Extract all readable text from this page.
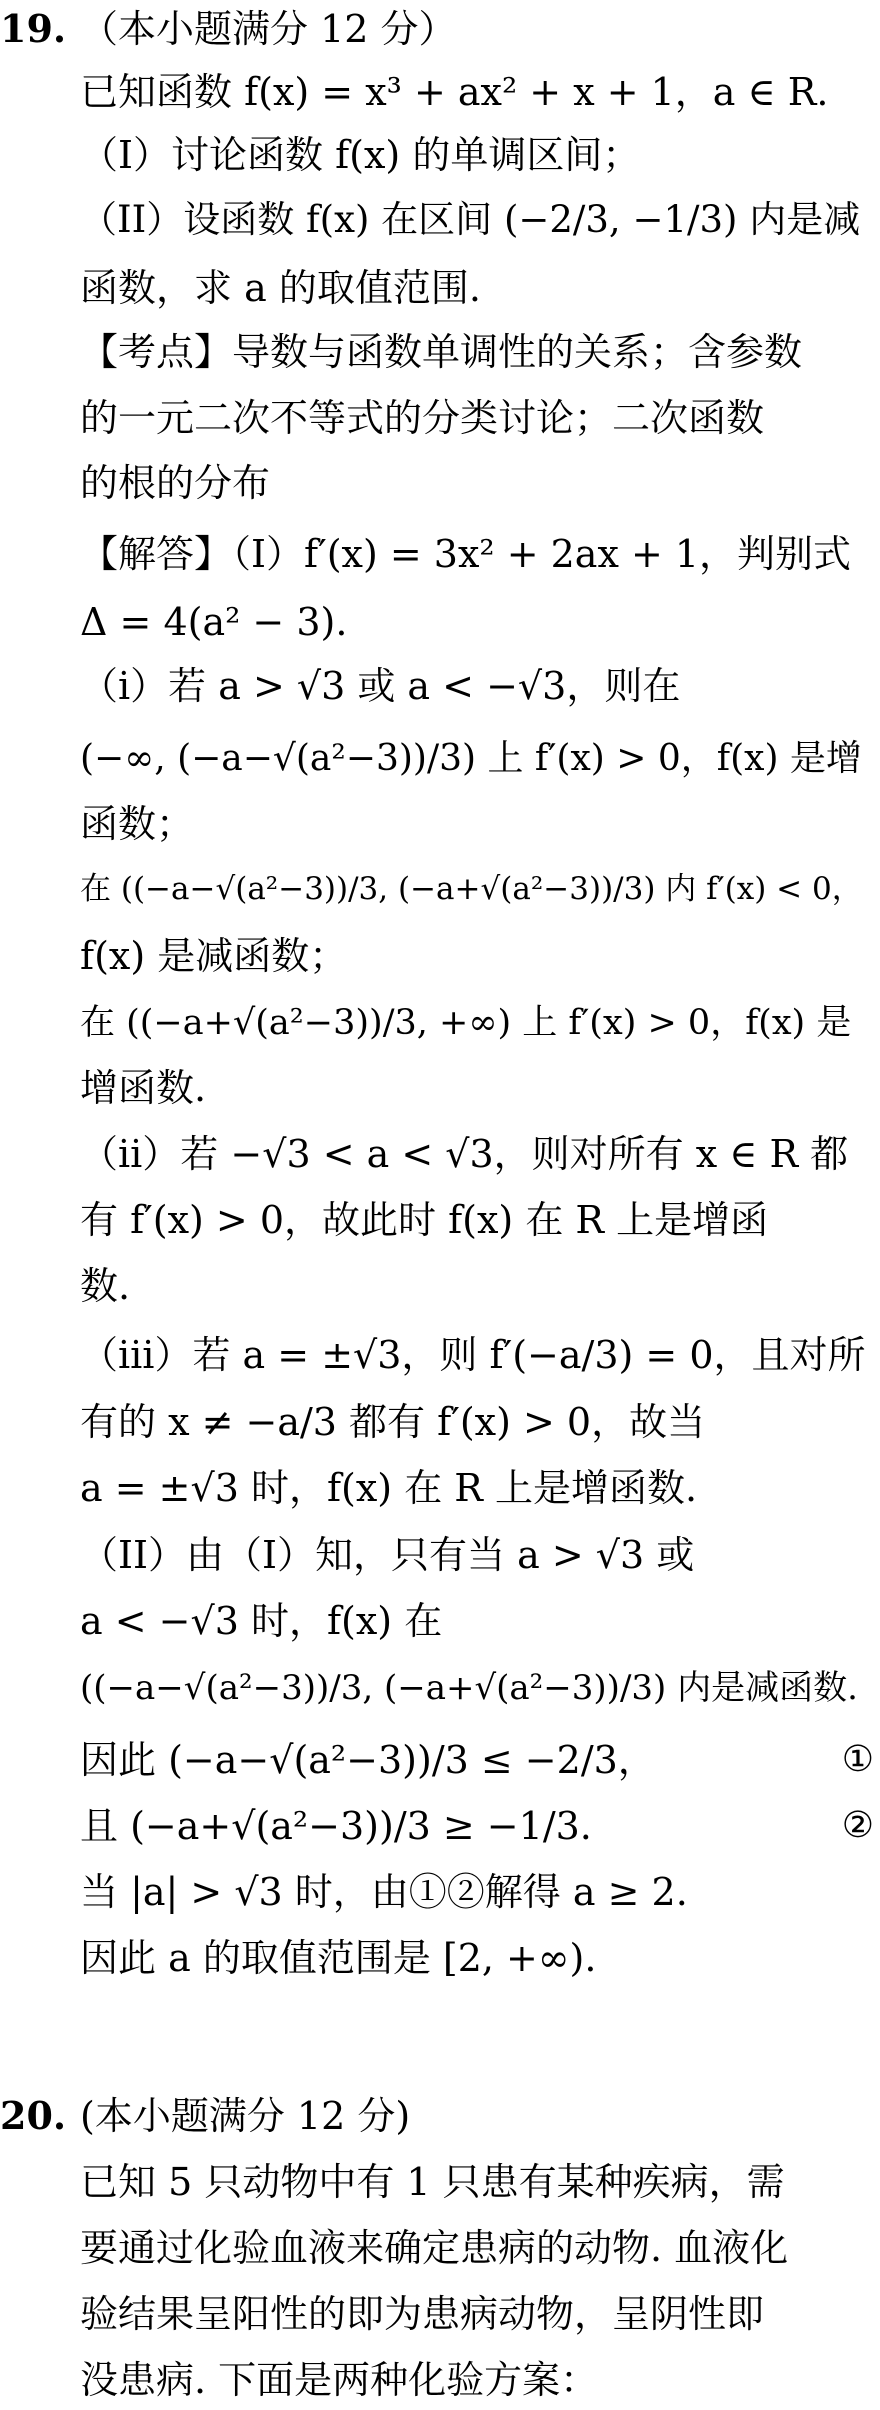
19. （本小题满分 12 分）
已知函数 f(x) = x³ + ax² + x + 1，a ∈ R.
（I）讨论函数 f(x) 的单调区间；
（II）设函数 f(x) 在区间 (−2/3, −1/3) 内是减
函数，求 a 的取值范围.
【考点】导数与函数单调性的关系；含参数
的一元二次不等式的分类讨论；二次函数
的根的分布
【解答】（I）f′(x) = 3x² + 2ax + 1，判别式
Δ = 4(a² − 3).
（i）若 a > √3 或 a < −√3，则在
(−∞, (−a−√(a²−3))/3) 上 f′(x) > 0，f(x) 是增
函数；
在 ((−a−√(a²−3))/3, (−a+√(a²−3))/3) 内 f′(x) < 0，
f(x) 是减函数；
在 ((−a+√(a²−3))/3, +∞) 上 f′(x) > 0，f(x) 是
增函数.
（ii）若 −√3 < a < √3，则对所有 x ∈ R 都
有 f′(x) > 0，故此时 f(x) 在 R 上是增函
数.
（iii）若 a = ±√3，则 f′(−a/3) = 0，且对所
有的 x ≠ −a/3 都有 f′(x) > 0，故当
a = ±√3 时，f(x) 在 R 上是增函数.
（II）由（I）知，只有当 a > √3 或
a < −√3 时，f(x) 在
((−a−√(a²−3))/3, (−a+√(a²−3))/3) 内是减函数.
因此 (−a−√(a²−3))/3 ≤ −2/3，
且 (−a+√(a²−3))/3 ≥ −1/3.
当 |a| > √3 时，由①②解得 a ≥ 2.
因此 a 的取值范围是 [2, +∞).
①
②
20. (本小题满分 12 分)
已知 5 只动物中有 1 只患有某种疾病，需
要通过化验血液来确定患病的动物. 血液化
验结果呈阳性的即为患病动物，呈阴性即
没患病. 下面是两种化验方案：
